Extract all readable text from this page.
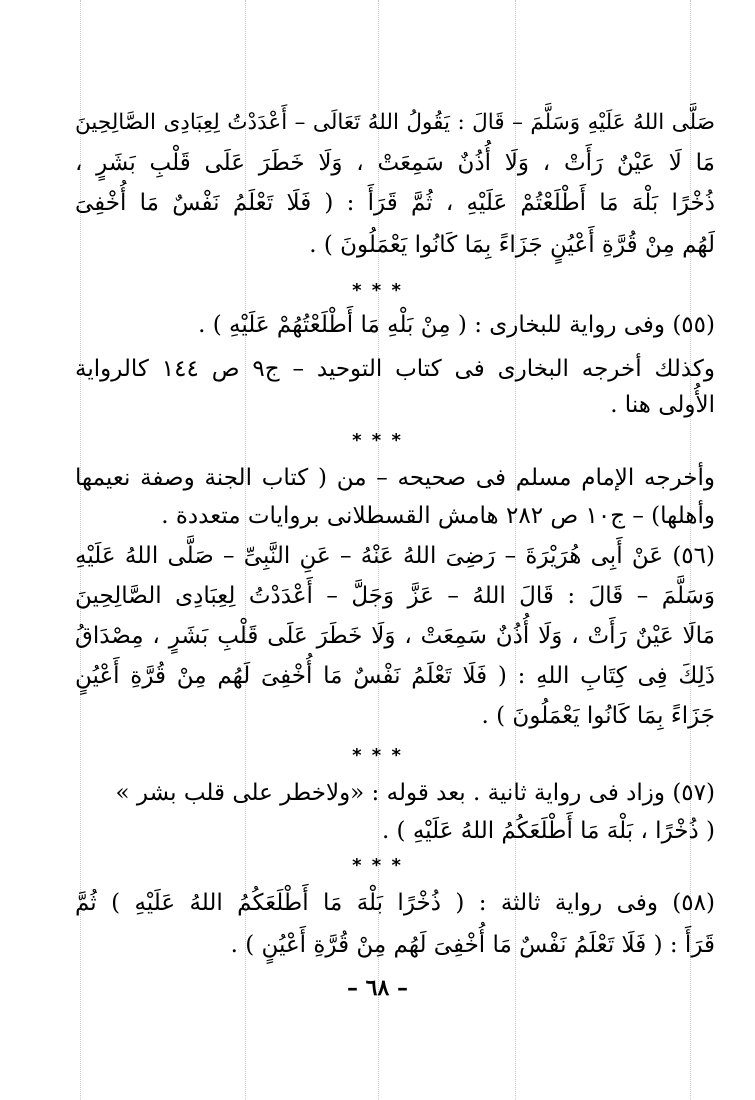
صَلَّى اللهُ عَلَيْهِ وَسَلَّمَ – قَالَ : يَقُولُ اللهُ تَعَالَى – أَعْدَدْتُ لِعِبَادِى الصَّالِحِينَ
مَا لَا عَيْنٌ رَأَتْ ، وَلَا أُذُنٌ سَمِعَتْ ، وَلَا خَطَرَ عَلَى قَلْبِ بَشَرٍ ،
ذُخْرًا بَلْهَ مَا أَطْلَعْتُمْ عَلَيْهِ ، ثُمَّ قَرَأَ : ( فَلَا تَعْلَمُ نَفْسٌ مَا أُخْفِىَ
لَهُم مِنْ قُرَّةِ أَعْيُنٍ جَزَاءً بِمَا كَانُوا يَعْمَلُونَ ) .
* * *
(٥٥) وفى رواية للبخارى : ( مِنْ بَلْهِ مَا أَطْلَعْتُهُمْ عَلَيْهِ ) .
وكذلك أخرجه البخارى فى كتاب التوحيد – ج٩ ص ١٤٤ كالرواية
الأُولى هنا .
* * *
وأخرجه الإمام مسلم فى صحيحه – من ( كتاب الجنة وصفة نعيمها
وأهلها) – ج١٠ ص ٢٨٢ هامش القسطلانى بروايات متعددة .
(٥٦) عَنْ أَبِى هُرَيْرَةَ – رَضِىَ اللهُ عَنْهُ – عَنِ النَّبِىِّ – صَلَّى اللهُ عَلَيْهِ
وَسَلَّمَ – قَالَ : قَالَ اللهُ – عَزَّ وَجَلَّ – أَعْدَدْتُ لِعِبَادِى الصَّالِحِينَ
مَالَا عَيْنٌ رَأَتْ ، وَلَا أُذُنٌ سَمِعَتْ ، وَلَا خَطَرَ عَلَى قَلْبِ بَشَرٍ ، مِصْدَاقُ
ذَلِكَ فِى كِتَابِ اللهِ : ( فَلَا تَعْلَمُ نَفْسٌ مَا أُخْفِىَ لَهُم مِنْ قُرَّةِ أَعْيُنٍ
جَزَاءً بِمَا كَانُوا يَعْمَلُونَ ) .
* * *
(٥٧) وزاد فى رواية ثانية . بعد قوله : «ولاخطر على قلب بشر »
( ذُخْرًا ، بَلْهَ مَا أَطْلَعَكُمُ اللهُ عَلَيْهِ ) .
* * *
(٥٨) وفى رواية ثالثة : ( ذُخْرًا بَلْهَ مَا أَطْلَعَكُمُ اللهُ عَلَيْهِ ) ثُمَّ
قَرَأَ : ( فَلَا تَعْلَمُ نَفْسٌ مَا أُخْفِىَ لَهُم مِنْ قُرَّةِ أَعْيُنٍ ) .
– ٦٨ –
